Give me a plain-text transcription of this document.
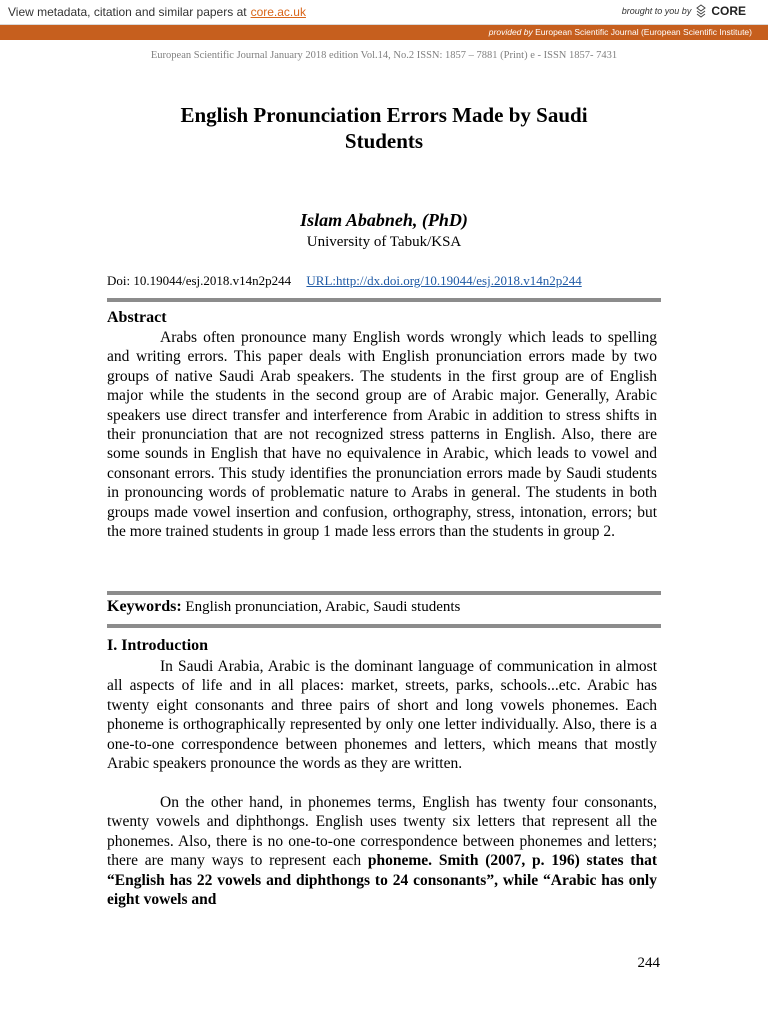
View metadata, citation and similar papers at core.ac.uk	brought to you by CORE
provided by European Scientific Journal (European Scientific Institute)
European Scientific Journal January 2018 edition Vol.14, No.2 ISSN: 1857 – 7881 (Print) e - ISSN 1857- 7431
English Pronunciation Errors Made by Saudi
Students
Islam Ababneh, (PhD)
University of Tabuk/KSA
Doi: 10.19044/esj.2018.v14n2p244 URL:http://dx.doi.org/10.19044/esj.2018.v14n2p244
Abstract

Arabs often pronounce many English words wrongly which leads to spelling and writing errors. This paper deals with English pronunciation errors made by two groups of native Saudi Arab speakers. The students in the first group are of English major while the students in the second group are of Arabic major. Generally, Arabic speakers use direct transfer and interference from Arabic in addition to stress shifts in their pronunciation that are not recognized stress patterns in English. Also, there are some sounds in English that have no equivalence in Arabic, which leads to vowel and consonant errors. This study identifies the pronunciation errors made by Saudi students in pronouncing words of problematic nature to Arabs in general. The students in both groups made vowel insertion and confusion, orthography, stress, intonation, errors; but the more trained students in group 1 made less errors than the students in group 2.

Keywords: English pronunciation, Arabic, Saudi students
I. Introduction

In Saudi Arabia, Arabic is the dominant language of communication in almost all aspects of life and in all places: market, streets, parks, schools...etc. Arabic has twenty eight consonants and three pairs of short and long vowels phonemes. Each phoneme is orthographically represented by only one letter individually. Also, there is a one-to-one correspondence between phonemes and letters, which means that mostly Arabic speakers pronounce the words as they are written.

On the other hand, in phonemes terms, English has twenty four consonants, twenty vowels and diphthongs. English uses twenty six letters that represent all the phonemes. Also, there is no one-to-one correspondence between phonemes and letters; there are many ways to represent each phoneme. Smith (2007, p. 196) states that “English has 22 vowels and diphthongs to 24 consonants”, while “Arabic has only eight vowels and

244
